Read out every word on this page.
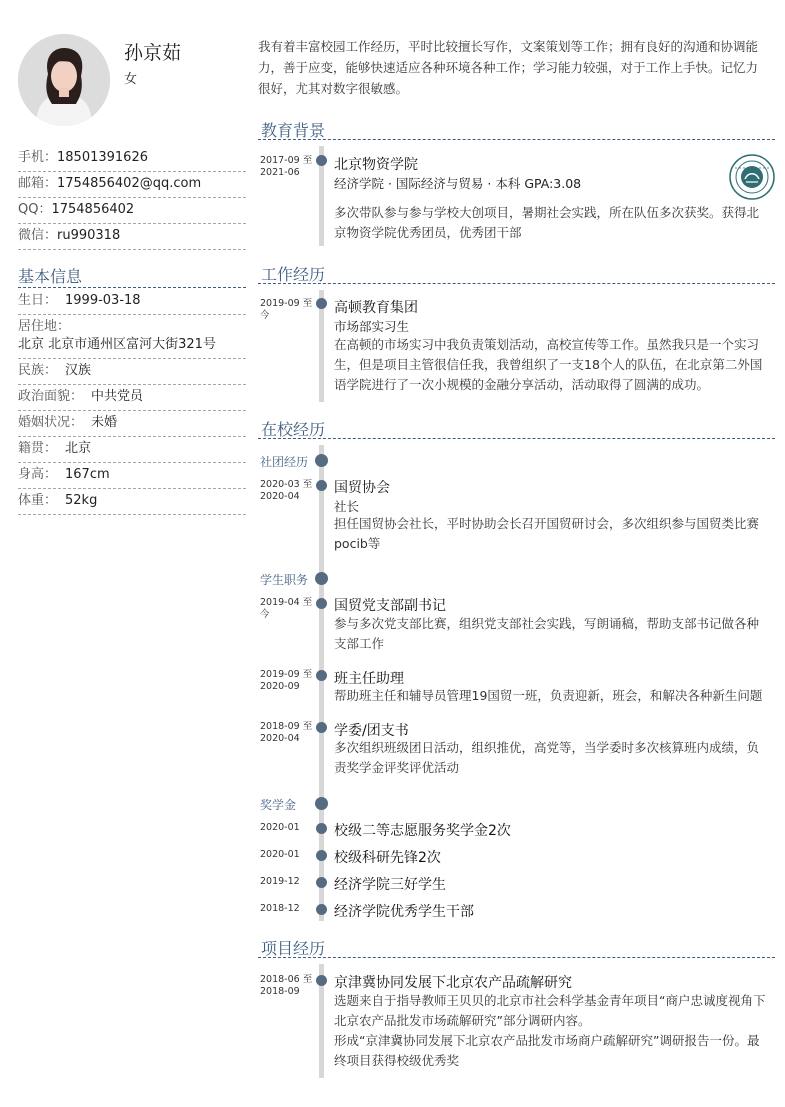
孙京茹
女
手机：18501391626
邮箱：1754856402@qq.com
QQ：1754856402
微信：ru990318
基本信息
生日： 1999-03-18
居住地：
北京 北京市通州区富河大街321号
民族： 汉族
政治面貌： 中共党员
婚姻状况： 未婚
籍贯： 北京
身高： 167cm
体重： 52kg
我有着丰富校园工作经历，平时比较擅长写作，文案策划等工作；拥有良好的沟通和协调能力，善于应变，能够快速适应各种环境各种工作；学习能力较强，对于工作上手快。记忆力很好，尤其对数字很敏感。
教育背景
2017-09 至
2021-06	北京物资学院
经济学院 · 国际经济与贸易 · 本科 GPA:3.08
多次带队参与参与学校大创项目，暑期社会实践，所在队伍多次获奖。获得北京物资学院优秀团员，优秀团干部
工作经历
2019-09 至
今	高顿教育集团
市场部实习生
在高顿的市场实习中我负责策划活动，高校宣传等工作。虽然我只是一个实习生，但是项目主管很信任我，我曾组织了一支18个人的队伍，在北京第二外国语学院进行了一次小规模的金融分享活动，活动取得了圆满的成功。
在校经历
社团经历
2020-03 至
2020-04
国贸协会
社长
担任国贸协会社长，平时协助会长召开国贸研讨会，多次组织参与国贸类比赛pocib等
学生职务
2019-04 至
今
国贸党支部副书记
参与多次党支部比赛，组织党支部社会实践，写朗诵稿，帮助支部书记做各种支部工作
2019-09 至
2020-09	班主任助理
帮助班主任和辅导员管理19国贸一班，负责迎新，班会，和解决各种新生问题
2018-09 至
2020-04	学委/团支书
多次组织班级团日活动，组织推优，高党等，当学委时多次核算班内成绩，负责奖学金评奖评优活动
奖学金
2020-01 校级二等志愿服务奖学金2次
2020-01 校级科研先锋2次
2019-12 经济学院三好学生
2018-12 经济学院优秀学生干部
项目经历
2018-06 至
2018-09
京津冀协同发展下北京农产品疏解研究
选题来自于指导教师王贝贝的北京市社会科学基金青年项目“商户忠诚度视角下北京农产品批发市场疏解研究”部分调研内容。
形成“京津冀协同发展下北京农产品批发市场商户疏解研究”调研报告一份。最终项目获得校级优秀奖
